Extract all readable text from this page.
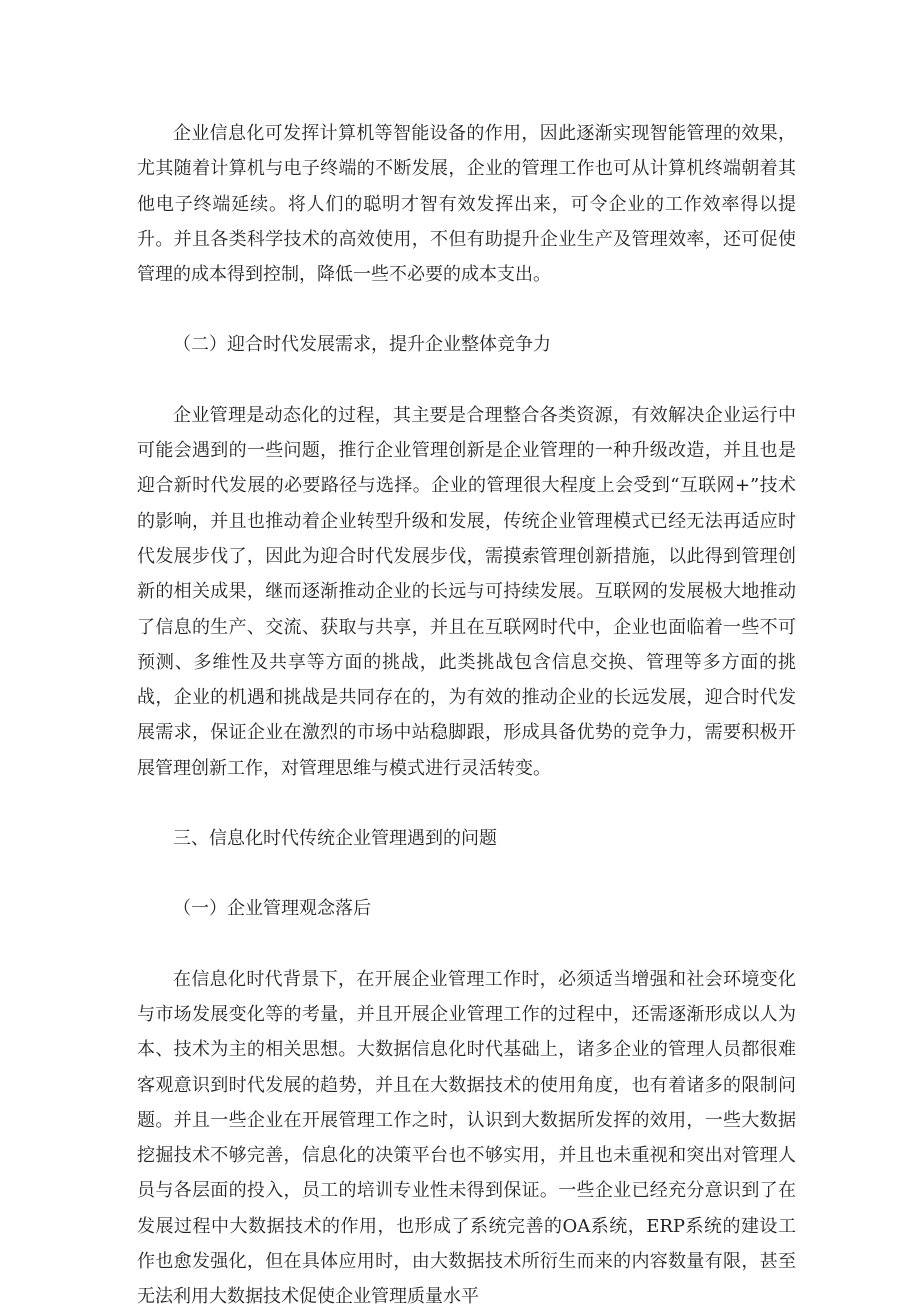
企业信息化可发挥计算机等智能设备的作用，因此逐渐实现智能管理的效果，尤其随着计算机与电子终端的不断发展，企业的管理工作也可从计算机终端朝着其他电子终端延续。将人们的聪明才智有效发挥出来，可令企业的工作效率得以提升。并且各类科学技术的高效使用，不但有助提升企业生产及管理效率，还可促使管理的成本得到控制，降低一些不必要的成本支出。

（二）迎合时代发展需求，提升企业整体竞争力

企业管理是动态化的过程，其主要是合理整合各类资源，有效解决企业运行中可能会遇到的一些问题，推行企业管理创新是企业管理的一种升级改造，并且也是迎合新时代发展的必要路径与选择。企业的管理很大程度上会受到“互联网+”技术的影响，并且也推动着企业转型升级和发展，传统企业管理模式已经无法再适应时代发展步伐了，因此为迎合时代发展步伐，需摸索管理创新措施，以此得到管理创新的相关成果，继而逐渐推动企业的长远与可持续发展。互联网的发展极大地推动了信息的生产、交流、获取与共享，并且在互联网时代中，企业也面临着一些不可预测、多维性及共享等方面的挑战，此类挑战包含信息交换、管理等多方面的挑战，企业的机遇和挑战是共同存在的，为有效的推动企业的长远发展，迎合时代发展需求，保证企业在激烈的市场中站稳脚跟，形成具备优势的竞争力，需要积极开展管理创新工作，对管理思维与模式进行灵活转变。

三、信息化时代传统企业管理遇到的问题

（一）企业管理观念落后

在信息化时代背景下，在开展企业管理工作时，必须适当增强和社会环境变化与市场发展变化等的考量，并且开展企业管理工作的过程中，还需逐渐形成以人为本、技术为主的相关思想。大数据信息化时代基础上，诸多企业的管理人员都很难客观意识到时代发展的趋势，并且在大数据技术的使用角度，也有着诸多的限制问题。并且一些企业在开展管理工作之时，认识到大数据所发挥的效用，一些大数据挖掘技术不够完善，信息化的决策平台也不够实用，并且也未重视和突出对管理人员与各层面的投入，员工的培训专业性未得到保证。一些企业已经充分意识到了在发展过程中大数据技术的作用，也形成了系统完善的OA系统，ERP系统的建设工作也愈发强化，但在具体应用时，由大数据技术所衍生而来的内容数量有限，甚至无法利用大数据技术促使企业管理质量水平
